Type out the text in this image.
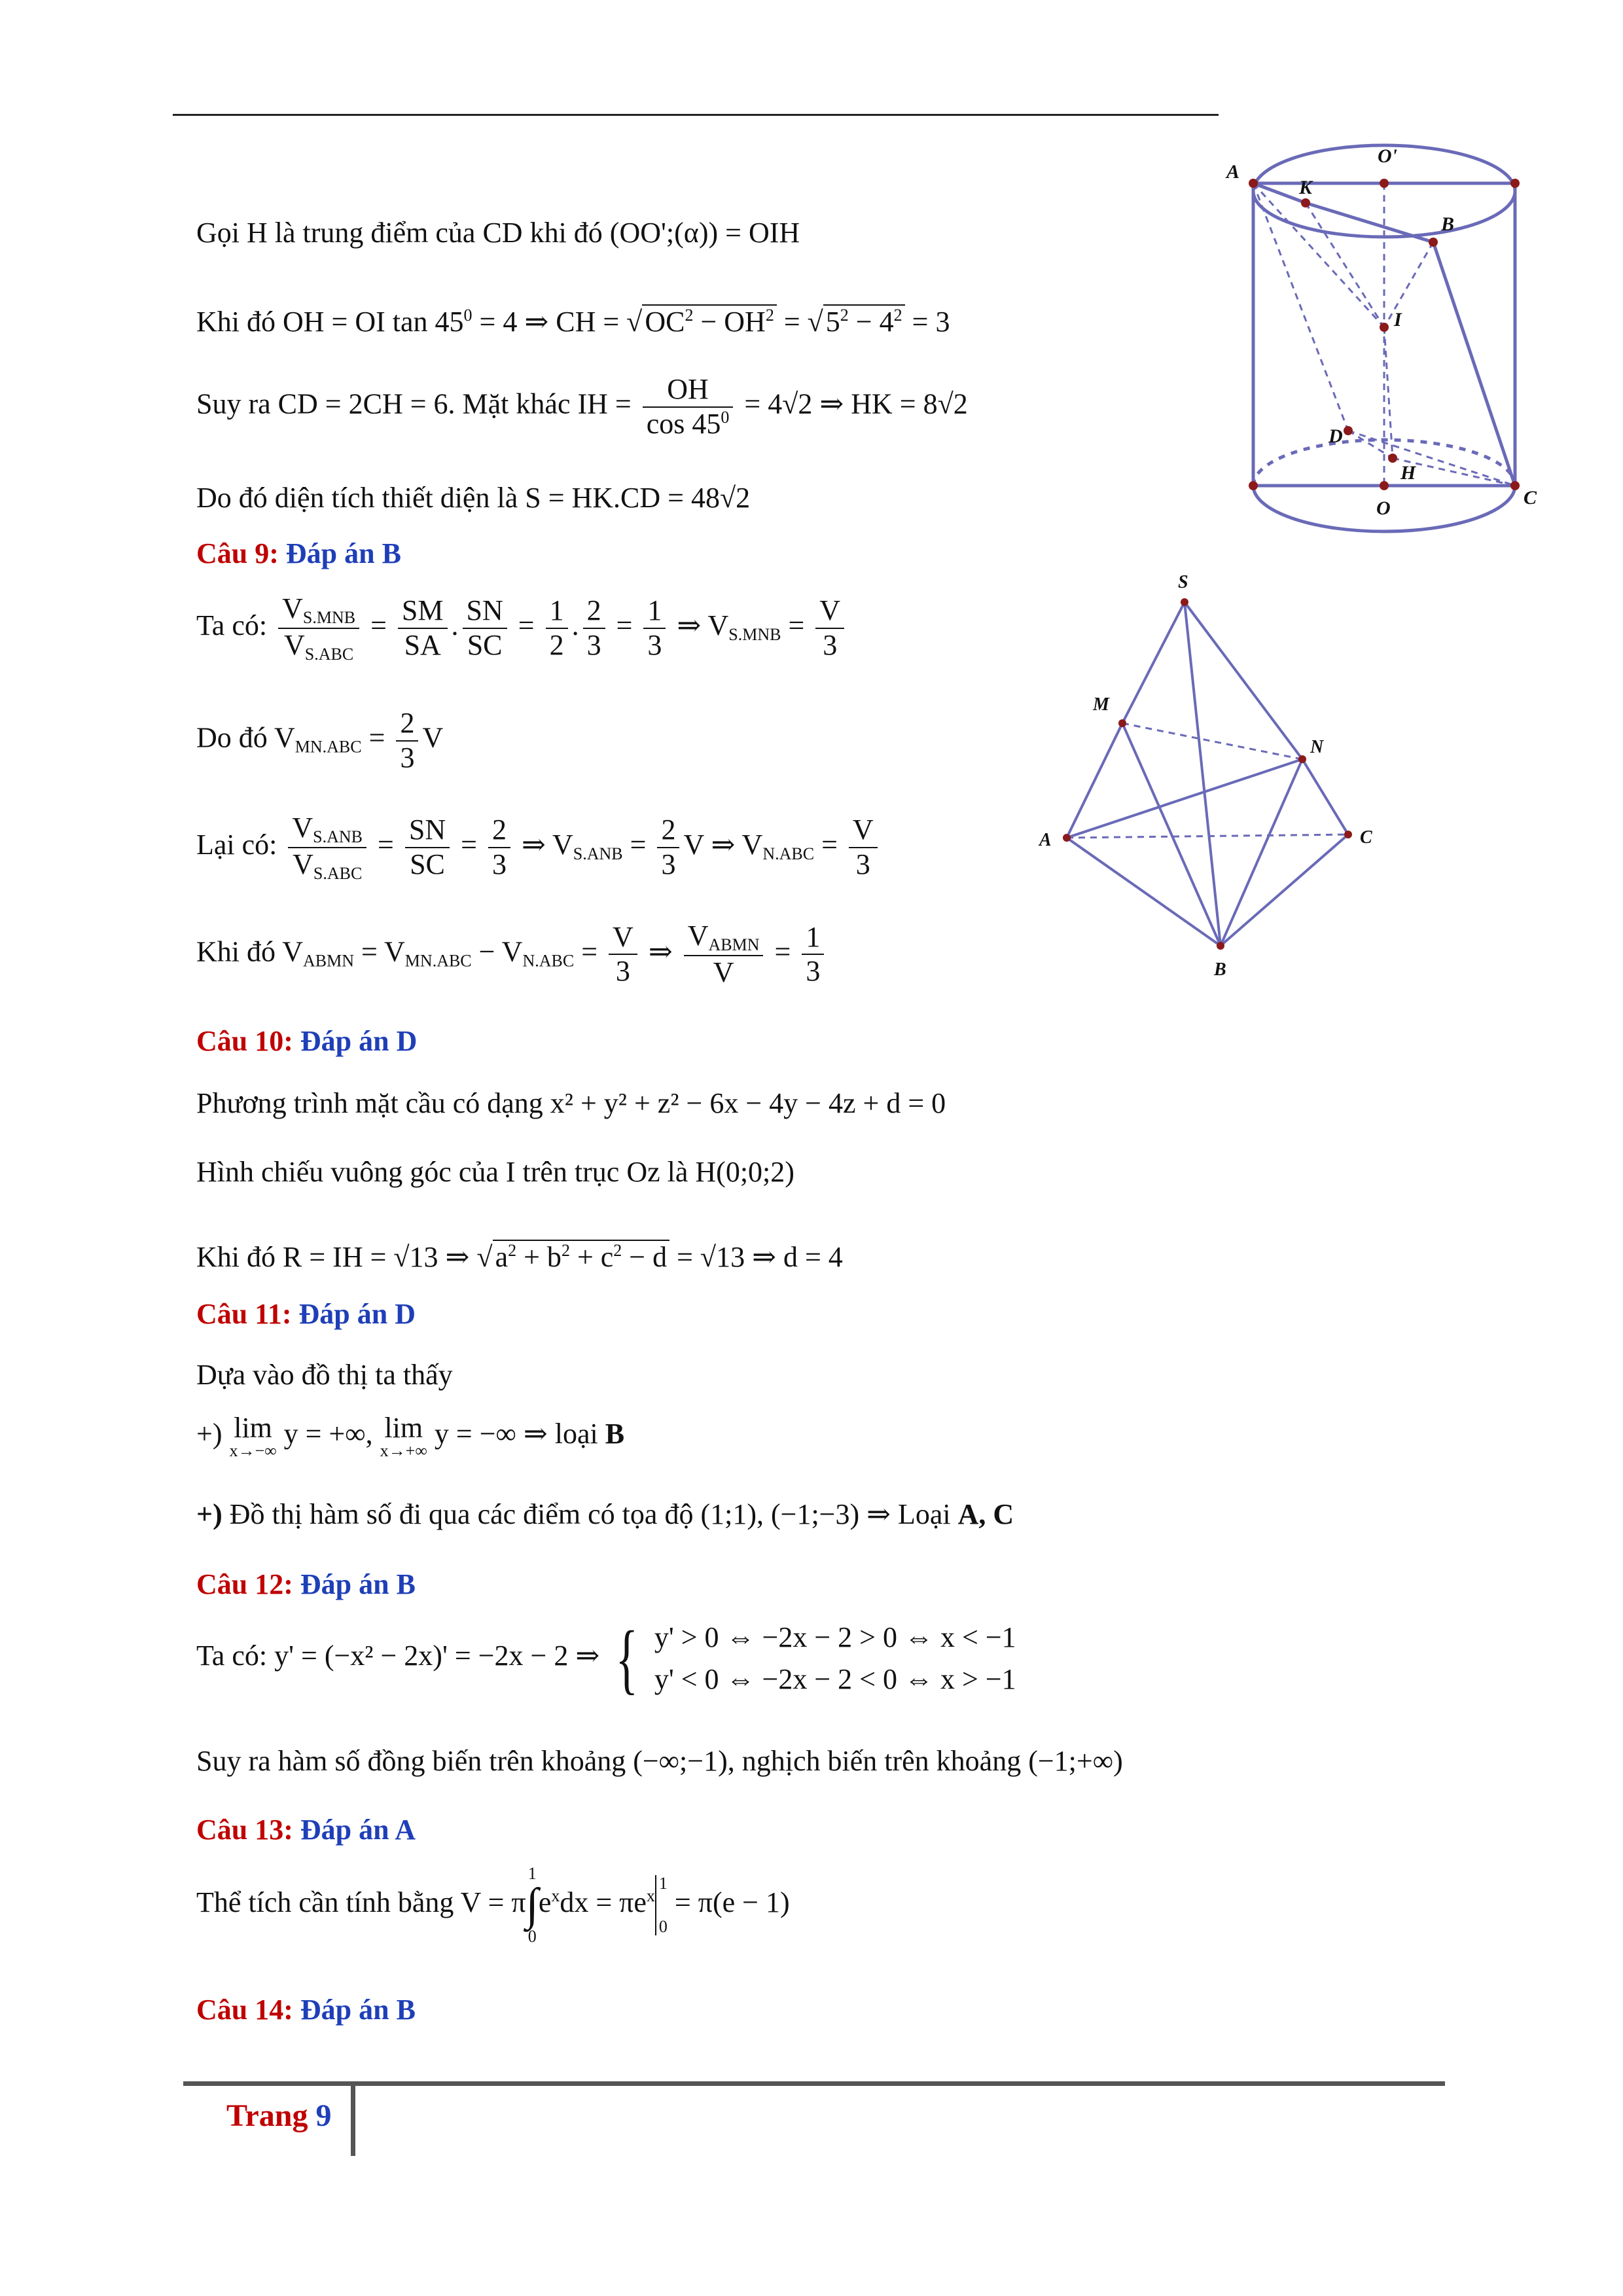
A
O'
K
B
I
D
H
O	C
S
M
N
A	C
B
Gọi H là trung điểm của CD khi đó (OO';(α)) = OIH
Khi đó OH = OI $\tan 45^0 = 4$ ⇒ CH = $√OC^2 - OH^2 = √5^2 - 4^2 = 3$
Suy ra CD = 2CH = 6. Mặt khác IH = $\frac{OH}{\cos 45^0} = 4√2$ ⇒ HK = 8√2
Do đó diện tích thiết diện là S = HK.CD = 48√2
Câu 9: Đáp án B
Ta có: $\frac{V_{S.MNB}}{V_{S.ABC}} = \frac{SM}{SA}$ . $\frac{SN}{SC} = \frac{1}{2}$ . $\frac{2}{3} = \frac{1}{3}$ ⇒ $V_{S.MNB} = \frac{V}{3}$
Do đó $V_{MN.ABC} = \frac{2}{3}$ V
Lại có: $\frac{V_{S.ANB}}{V_{S.ABC}} = \frac{SN}{SC} = \frac{2}{3}$ ⇒ $V_{S.ANB} = \frac{2}{3}$ V ⇒ $V_{N.ABC} = \frac{V}{3}$
Khi đó $V_{ABMN} = V_{MN.ABC} - V_{N.ABC} = \frac{V}{3}$ ⇒ $\frac{V_{ABMN}}{V} = \frac{1}{3}$
Câu 10: Đáp án D
Phương trình mặt cầu có dạng x² + y² + z² − 6x − 4y − 4z + d = 0
Hình chiếu vuông góc của I trên trục Oz là H(0;0;2)
Khi đó R = IH = √13 ⇒ $√a^2 + b^2 + c^2 - d = √13$ ⇒ d = 4
Câu 11: Đáp án D
Dựa vào đồ thị ta thấy
+) lim
x→−∞
y = +∞, lim
x→+∞
y = −∞ ⇒ loại B
+) Đồ thị hàm số đi qua các điểm có tọa độ (1;1), (−1;−3) ⇒ Loại A, C
Câu 12: Đáp án B
Ta có: y' = (−x² − 2x)' = −2x − 2 ⇒ { y' > 0 ⇔ −2x − 2 > 0 ⇔ x < −1
y' < 0 ⇔ −2x − 2 < 0 ⇔ x > −1
Suy ra hàm số đồng biến trên khoảng (−∞;−1), nghịch biến trên khoảng (−1;+∞)
Câu 13: Đáp án A
Thể tích cần tính bằng V = π1
∫
$0e^xdx = \pi e^x1$

0 = π(e − 1)
Câu 14: Đáp án B
Trang 9
